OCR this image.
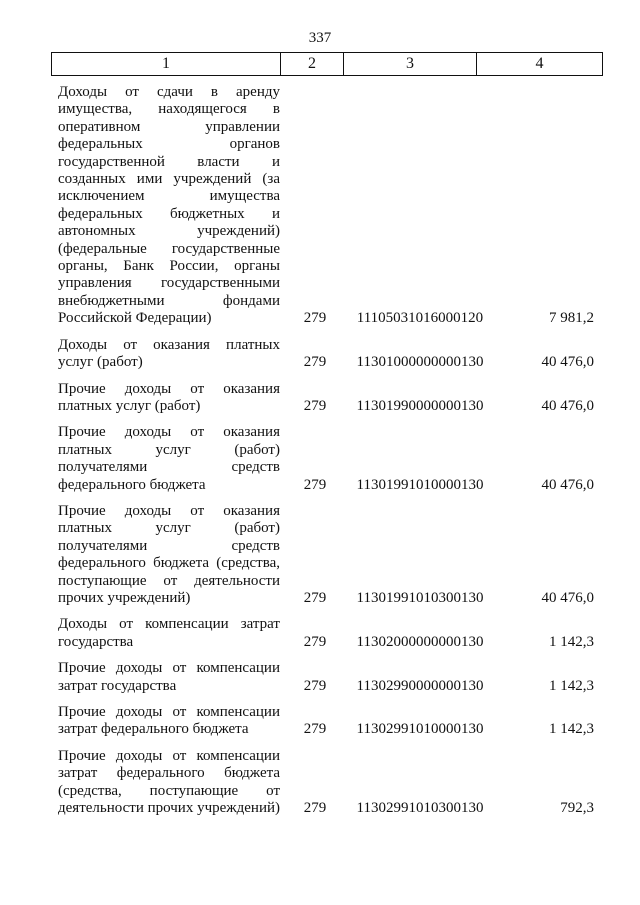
337
1	2	3	4
Доходы от сдачи в аренду
имущества, находящегося в
оперативном управлении
федеральных органов
государственной власти и
созданных ими учреждений (за
исключением имущества
федеральных бюджетных и
автономных учреждений)
(федеральные государственные
органы, Банк России, органы
управления государственными
внебюджетными фондами
Российской Федерации)	279	11105031016000120	7 981,2
Доходы от оказания платных
услуг (работ)	279	11301000000000130	40 476,0
Прочие доходы от оказания
платных услуг (работ)	279	11301990000000130	40 476,0
Прочие доходы от оказания
платных услуг (работ)
получателями средств
федерального бюджета	279	11301991010000130	40 476,0
Прочие доходы от оказания
платных услуг (работ)
получателями средств
федерального бюджета (средства,
поступающие от деятельности
прочих учреждений)	279	11301991010300130	40 476,0
Доходы от компенсации затрат
государства	279	11302000000000130	1 142,3
Прочие доходы от компенсации
затрат государства	279	11302990000000130	1 142,3
Прочие доходы от компенсации
затрат федерального бюджета	279	11302991010000130	1 142,3
Прочие доходы от компенсации
затрат федерального бюджета
(средства, поступающие от
деятельности прочих учреждений)	279	11302991010300130	792,3
